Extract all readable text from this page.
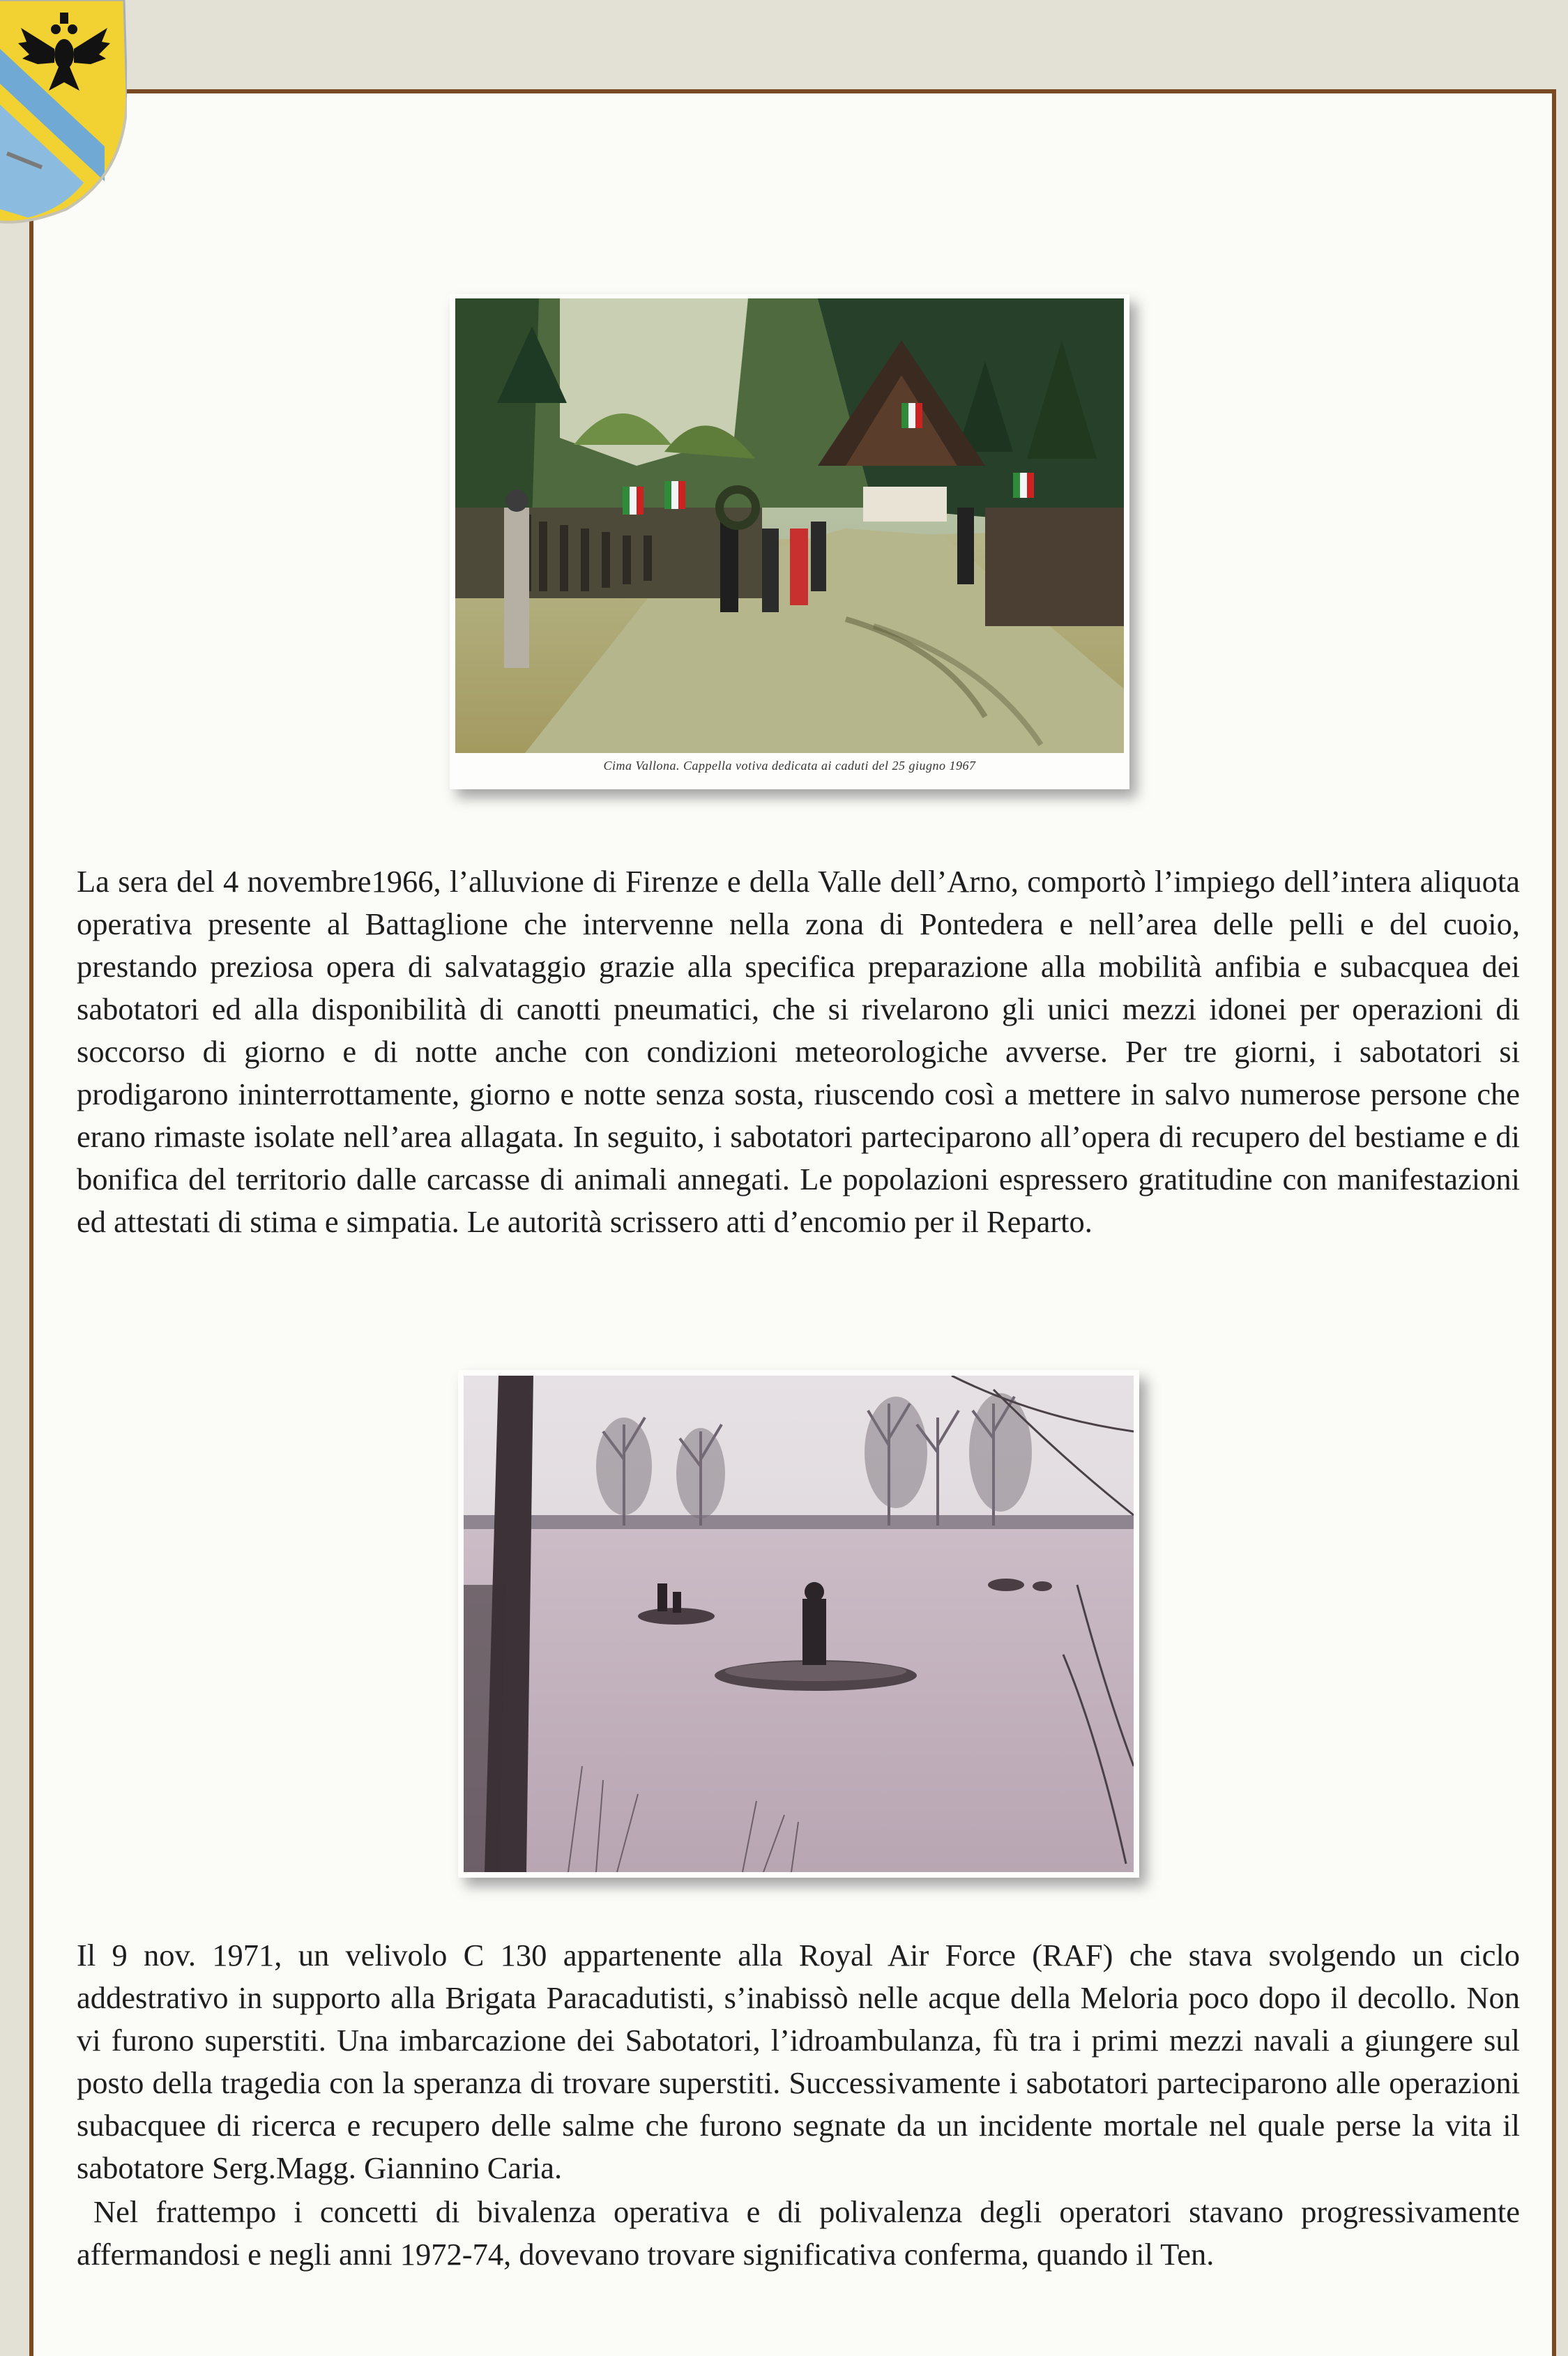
Cima Vallona. Cappella votiva dedicata ai caduti del 25 giugno 1967

La sera del 4 novembre1966, l’alluvione di Firenze e della Valle dell’Arno, comportò l’impiego dell’intera aliquota operativa presente al Battaglione che intervenne nella zona di Pontedera e nell’area delle pelli e del cuoio, prestando preziosa opera di salvataggio grazie alla specifica preparazione alla mobilità anfibia e subacquea dei sabotatori ed alla disponibilità di canotti pneumatici, che si rivelarono gli unici mezzi idonei per operazioni di soccorso di giorno e di notte anche con condizioni meteorologiche avverse. Per tre giorni, i sabotatori si prodigarono ininterrottamente, giorno e notte senza sosta, riuscendo così a mettere in salvo numerose persone che erano rimaste isolate nell’area allagata. In seguito, i sabotatori parteciparono all’opera di recupero del bestiame e di bonifica del territorio dalle carcasse di animali annegati. Le popolazioni espressero gratitudine con manifestazioni ed attestati di stima e simpatia. Le autorità scrissero atti d’encomio per il Reparto.

Il 9 nov. 1971, un velivolo C 130 appartenente alla Royal Air Force (RAF) che stava svolgendo un ciclo addestrativo in supporto alla Brigata Paracadutisti, s’inabissò nelle acque della Meloria poco dopo il decollo. Non vi furono superstiti. Una imbarcazione dei Sabotatori, l’idroambulanza, fù tra i primi mezzi navali a giungere sul posto della tragedia con la speranza di trovare superstiti. Successivamente i sabotatori parteciparono alle operazioni subacquee di ricerca e recupero delle salme che furono segnate da un incidente mortale nel quale perse la vita il sabotatore Serg.Magg. Giannino Caria.

Nel frattempo i concetti di bivalenza operativa e di polivalenza degli operatori stavano progressivamente affermandosi e negli anni 1972-74, dovevano trovare significativa conferma, quando il Ten.
